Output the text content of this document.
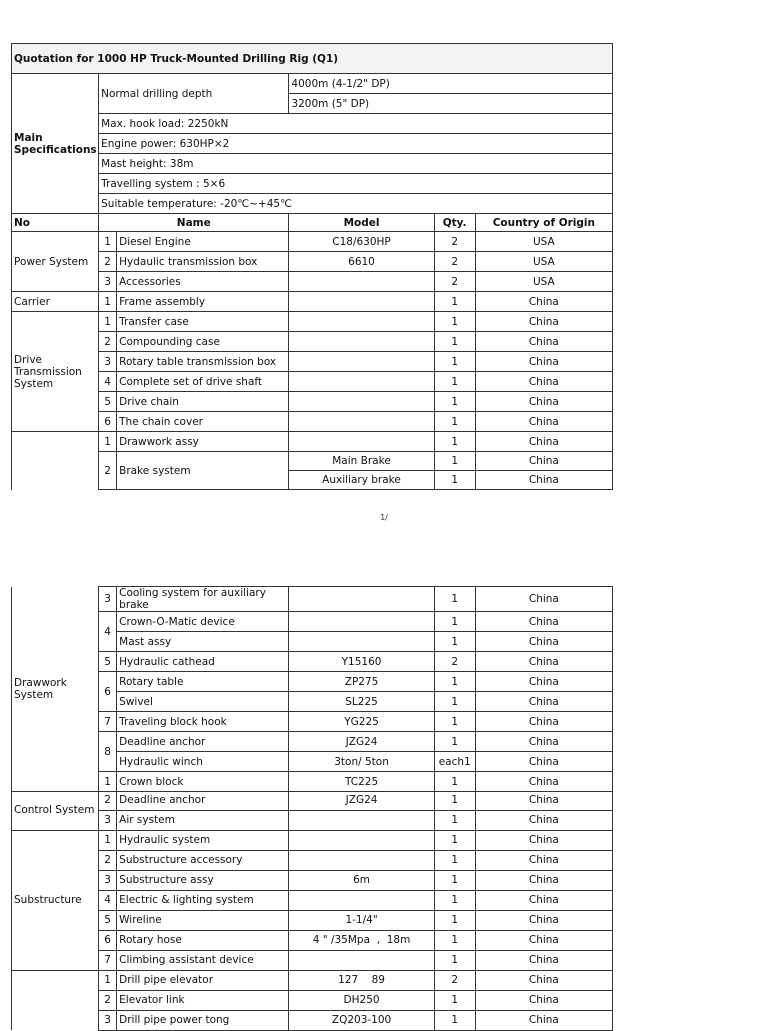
Quotation for 1000 HP Truck-Mounted Drilling Rig (Q1)					
Main Specifications	Normal drilling depth		4000m (4-1/2" DP)		
			3200m (5" DP)		
	Max. hook load: 2250kN				
	Engine power: 630HP×2				
	Mast height: 38m				
	Travelling system : 5×6				
	Suitable temperature: -20℃~+45℃				
No	Name		Model	Qty.	Country of Origin
Power System	1	Diesel Engine	C18/630HP	2	USA
	2	Hydaulic transmission box	6610	2	USA
	3	Accessories		2	USA
Carrier	1	Frame assembly		1	China
Drive Transmission System	1	Transfer case		1	China
	2	Compounding case		1	China
	3	Rotary table transmission box		1	China
	4	Complete set of drive shaft		1	China
	5	Drive chain		1	China
	6	The chain cover		1	China
	1	Drawwork assy		1	China
	2	Brake system	Main Brake	1	China
			Auxiliary brake	1	China
1/
Drawwork System	3	Cooling system for auxiliary brake		1	China
	4	Crown-O-Matic device		1	China
		Mast assy		1	China
	5	Hydraulic cathead	Y15160	2	China
	6	Rotary table	ZP275	1	China
		Swivel	SL225	1	China
	7	Traveling block hook	YG225	1	China
	8	Deadline anchor	JZG24	1	China
		Hydraulic winch	3ton/ 5ton	each1	China
	1	Crown block	TC225	1	China
Control System	2	Deadline anchor	JZG24	1	China
	3	Air system		1	China
Substructure	1	Hydraulic system		1	China
	2	Substructure accessory		1	China
	3	Substructure assy	6m	1	China
	4	Electric & lighting system		1	China
	5	Wireline	1-1/4"	1	China
	6	Rotary hose	4 " /35Mpa  ,  18m	1	China
	7	Climbing assistant device		1	China
	1	Drill pipe elevator	127    89	2	China
	2	Elevator link	DH250	1	China
	3	Drill pipe power tong	ZQ203-100	1	China
